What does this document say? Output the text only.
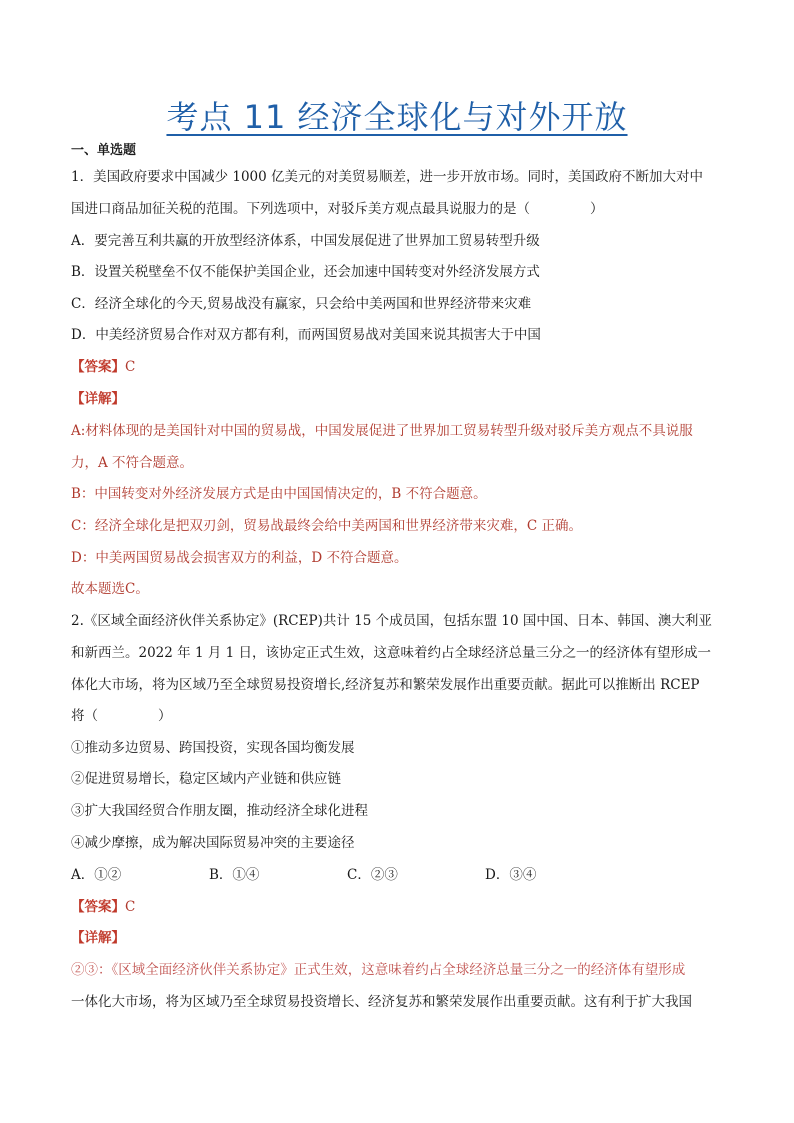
考点 11 经济全球化与对外开放
一、单选题
1．美国政府要求中国减少 1000 亿美元的对美贸易顺差，进一步开放市场。同时，美国政府不断加大对中
国进口商品加征关税的范围。下列选项中，对驳斥美方观点最具说服力的是（	）
A．要完善互利共赢的开放型经济体系，中国发展促进了世界加工贸易转型升级
B．设置关税壁垒不仅不能保护美国企业，还会加速中国转变对外经济发展方式
C．经济全球化的今天,贸易战没有赢家，只会给中美两国和世界经济带来灾难
D．中美经济贸易合作对双方都有利，而两国贸易战对美国来说其损害大于中国
【答案】C
【详解】
A:材料体现的是美国针对中国的贸易战，中国发展促进了世界加工贸易转型升级对驳斥美方观点不具说服
力，A 不符合题意。
B：中国转变对外经济发展方式是由中国国情决定的，B 不符合题意。
C：经济全球化是把双刃剑，贸易战最终会给中美两国和世界经济带来灾难，C 正确。
D：中美两国贸易战会损害双方的利益，D 不符合题意。
故本题选C。
2.《区域全面经济伙伴关系协定》(RCEP)共计 15 个成员国，包括东盟 10 国中国、日本、韩国、澳大利亚
和新西兰。2022 年 1 月 1 日，该协定正式生效，这意味着约占全球经济总量三分之一的经济体有望形成一
体化大市场，将为区域乃至全球贸易投资增长,经济复苏和繁荣发展作出重要贡献。据此可以推断出 RCEP
将（	）
①推动多边贸易、跨国投资，实现各国均衡发展
②促进贸易增长，稳定区域内产业链和供应链
③扩大我国经贸合作朋友圈，推动经济全球化进程
④减少摩擦，成为解决国际贸易冲突的主要途径
A．①②	B．①④	C．②③	D．③④
【答案】C
【详解】
②③：《区域全面经济伙伴关系协定》正式生效，这意味着约占全球经济总量三分之一的经济体有望形成
一体化大市场，将为区域乃至全球贸易投资增长、经济复苏和繁荣发展作出重要贡献。这有利于扩大我国
